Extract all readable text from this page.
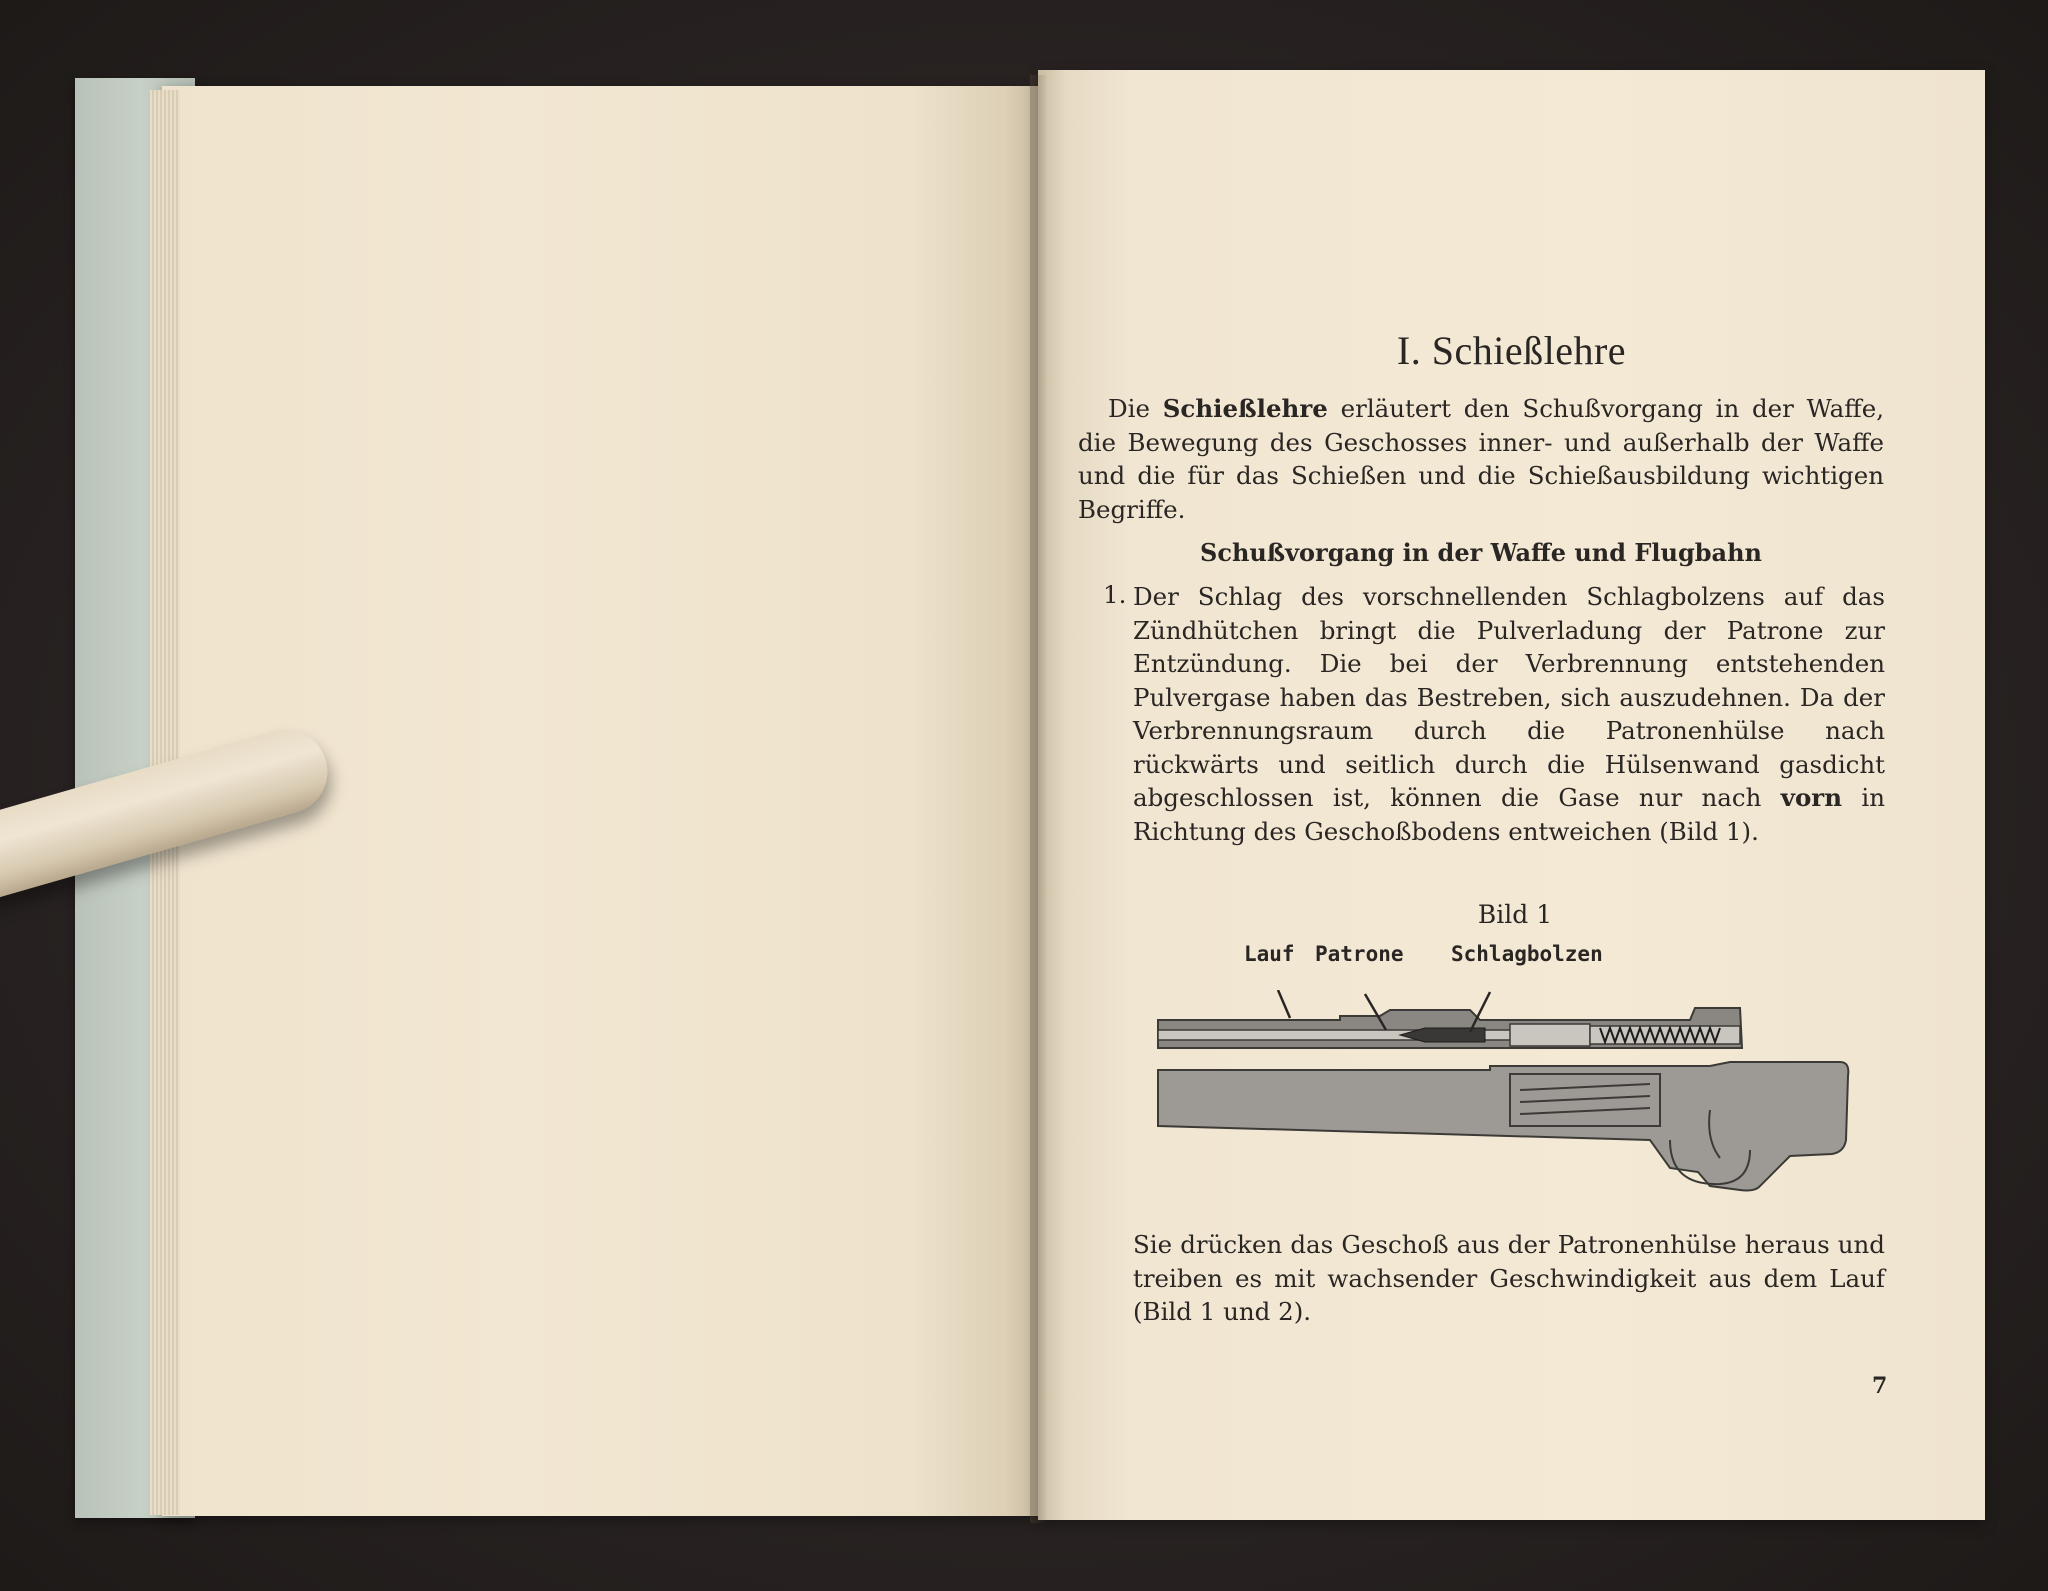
I. Schießlehre

Die Schießlehre erläutert den Schußvorgang in der Waffe, die Bewegung des Geschosses inner- und außerhalb der Waffe und die für das Schießen und die Schießausbildung wichtigen Begriffe.

Schußvorgang in der Waffe und Flugbahn
1. Der Schlag des vorschnellenden Schlagbolzens auf das Zündhütchen bringt die Pulverladung der Patrone zur Entzündung. Die bei der Verbrennung entstehenden Pulvergase haben das Bestreben, sich auszudehnen. Da der Verbrennungsraum durch die Patronenhülse nach rückwärts und seitlich durch die Hülsenwand gasdicht abgeschlossen ist, können die Gase nur nach vorn in Richtung des Geschoßbodens entweichen (Bild 1).

Bild 1
Lauf Patrone Schlagbolzen

Sie drücken das Geschoß aus der Patronenhülse heraus und treiben es mit wachsender Geschwindigkeit aus dem Lauf (Bild 1 und 2).

7
